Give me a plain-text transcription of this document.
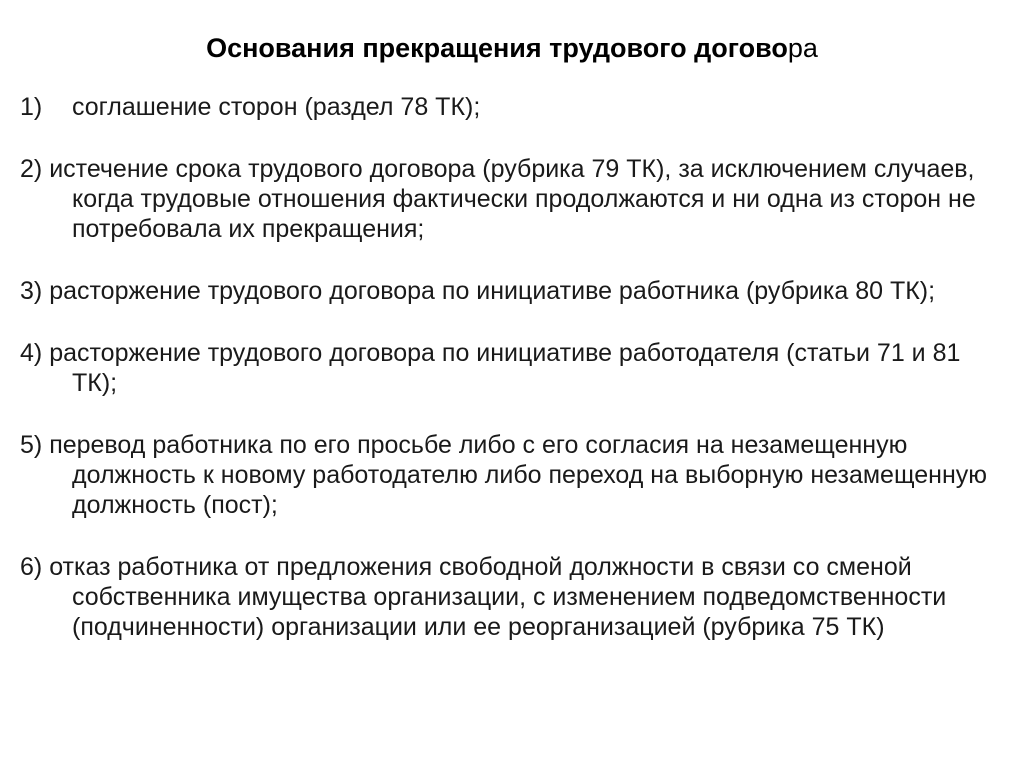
Основания прекращения трудового договора
1) соглашение сторон (раздел 78 ТК);
2) истечение срока трудового договора (рубрика 79 ТК), за исключением случаев, когда трудовые отношения фактически продолжаются и ни одна из сторон не потребовала их прекращения;
3) расторжение трудового договора по инициативе работника (рубрика 80 ТК);
4) расторжение трудового договора по инициативе работодателя (статьи 71 и 81 ТК);
5) перевод работника по его просьбе либо с его согласия на незамещенную должность к новому работодателю либо переход на выборную незамещенную должность (пост);
6) отказ работника от предложения свободной должности в связи со сменой собственника имущества организации, с изменением подведомственности (подчиненности) организации или ее реорганизацией (рубрика 75 ТК)
